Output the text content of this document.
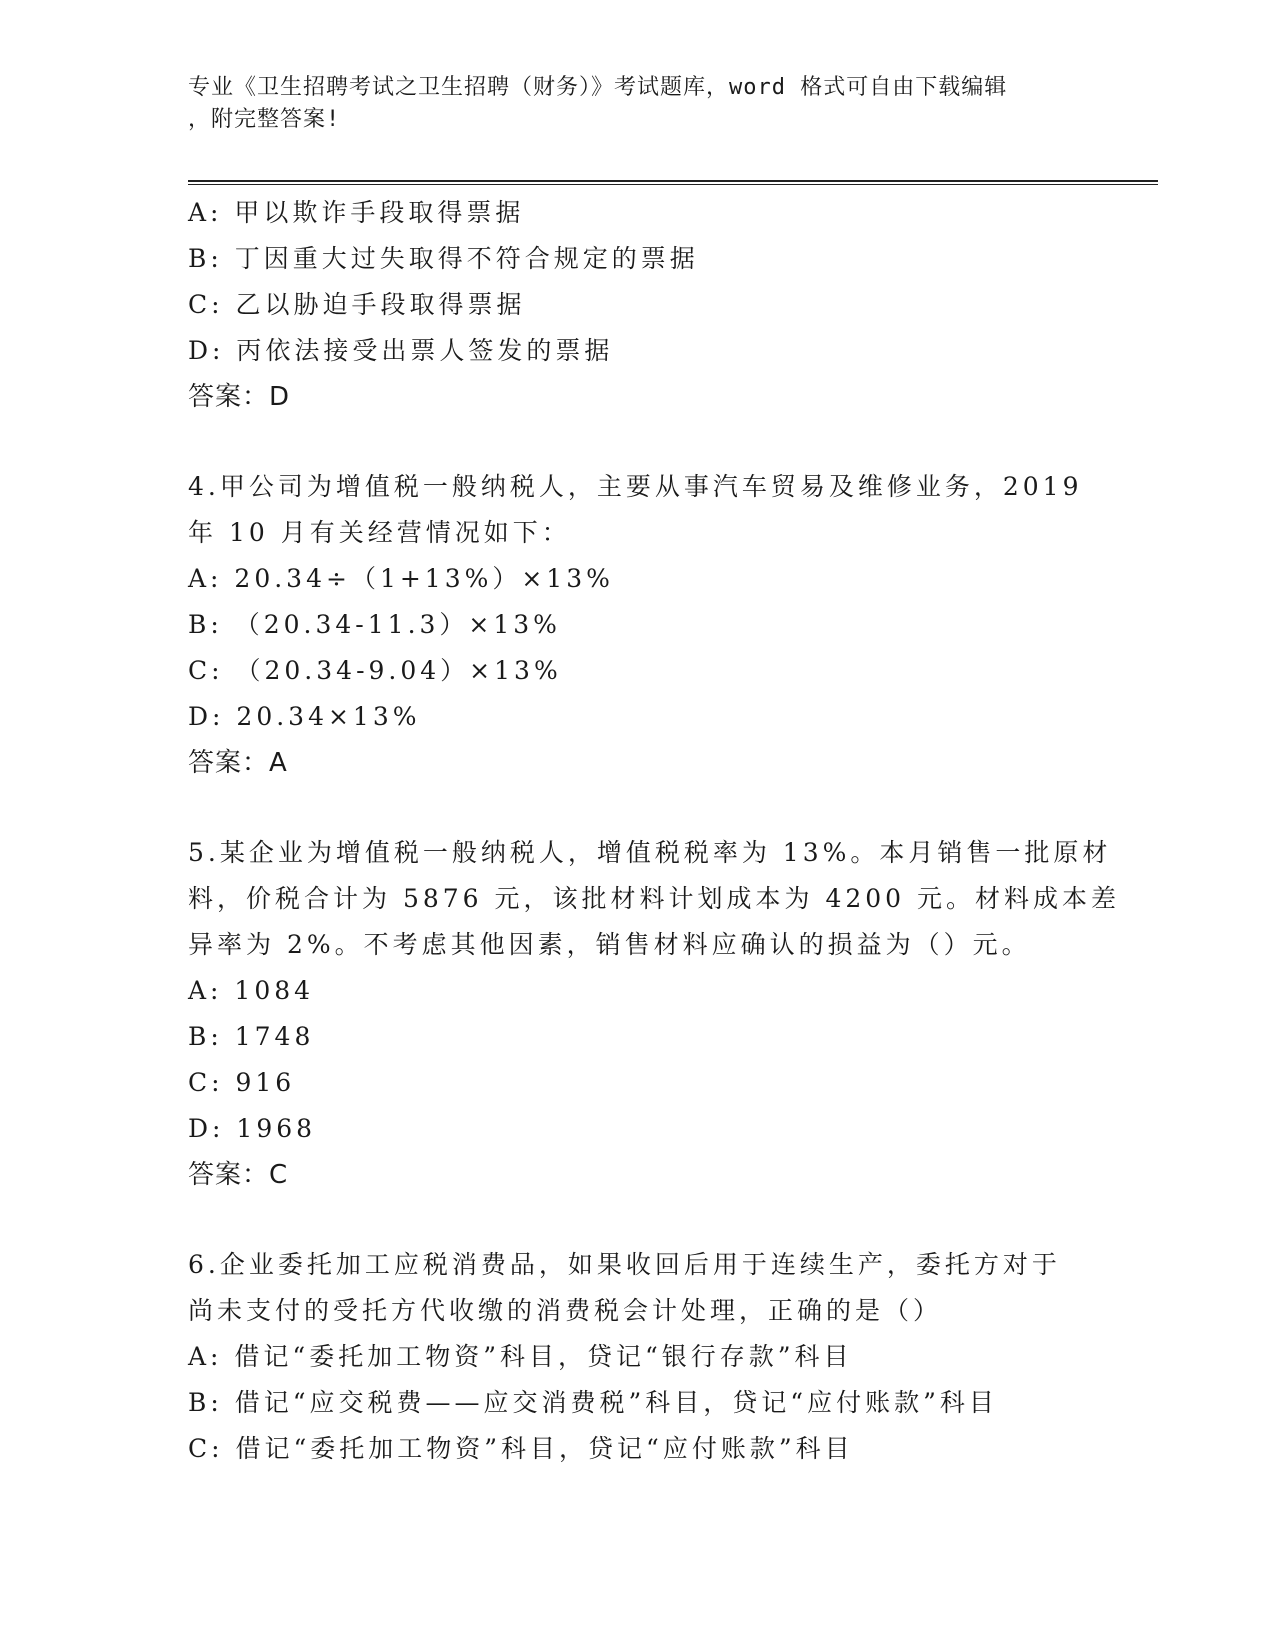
专业《卫生招聘考试之卫生招聘（财务）》考试题库，word 格式可自由下载编辑
，附完整答案!
A: 甲以欺诈手段取得票据
B: 丁因重大过失取得不符合规定的票据
C: 乙以胁迫手段取得票据
D: 丙依法接受出票人签发的票据
答案：D
4.甲公司为增值税一般纳税人，主要从事汽车贸易及维修业务，2019
年 10 月有关经营情况如下：
A: 20.34÷（1+13%）×13%
B: （20.34-11.3）×13%
C: （20.34-9.04）×13%
D: 20.34×13%
答案：A
5.某企业为增值税一般纳税人，增值税税率为 13%。本月销售一批原材
料，价税合计为 5876 元，该批材料计划成本为 4200 元。材料成本差
异率为 2%。不考虑其他因素，销售材料应确认的损益为（）元。
A: 1084
B: 1748
C: 916
D: 1968
答案：C
6.企业委托加工应税消费品，如果收回后用于连续生产，委托方对于
尚未支付的受托方代收缴的消费税会计处理，正确的是（）
A: 借记“委托加工物资”科目，贷记“银行存款”科目
B: 借记“应交税费——应交消费税”科目，贷记“应付账款”科目
C: 借记“委托加工物资”科目，贷记“应付账款”科目
